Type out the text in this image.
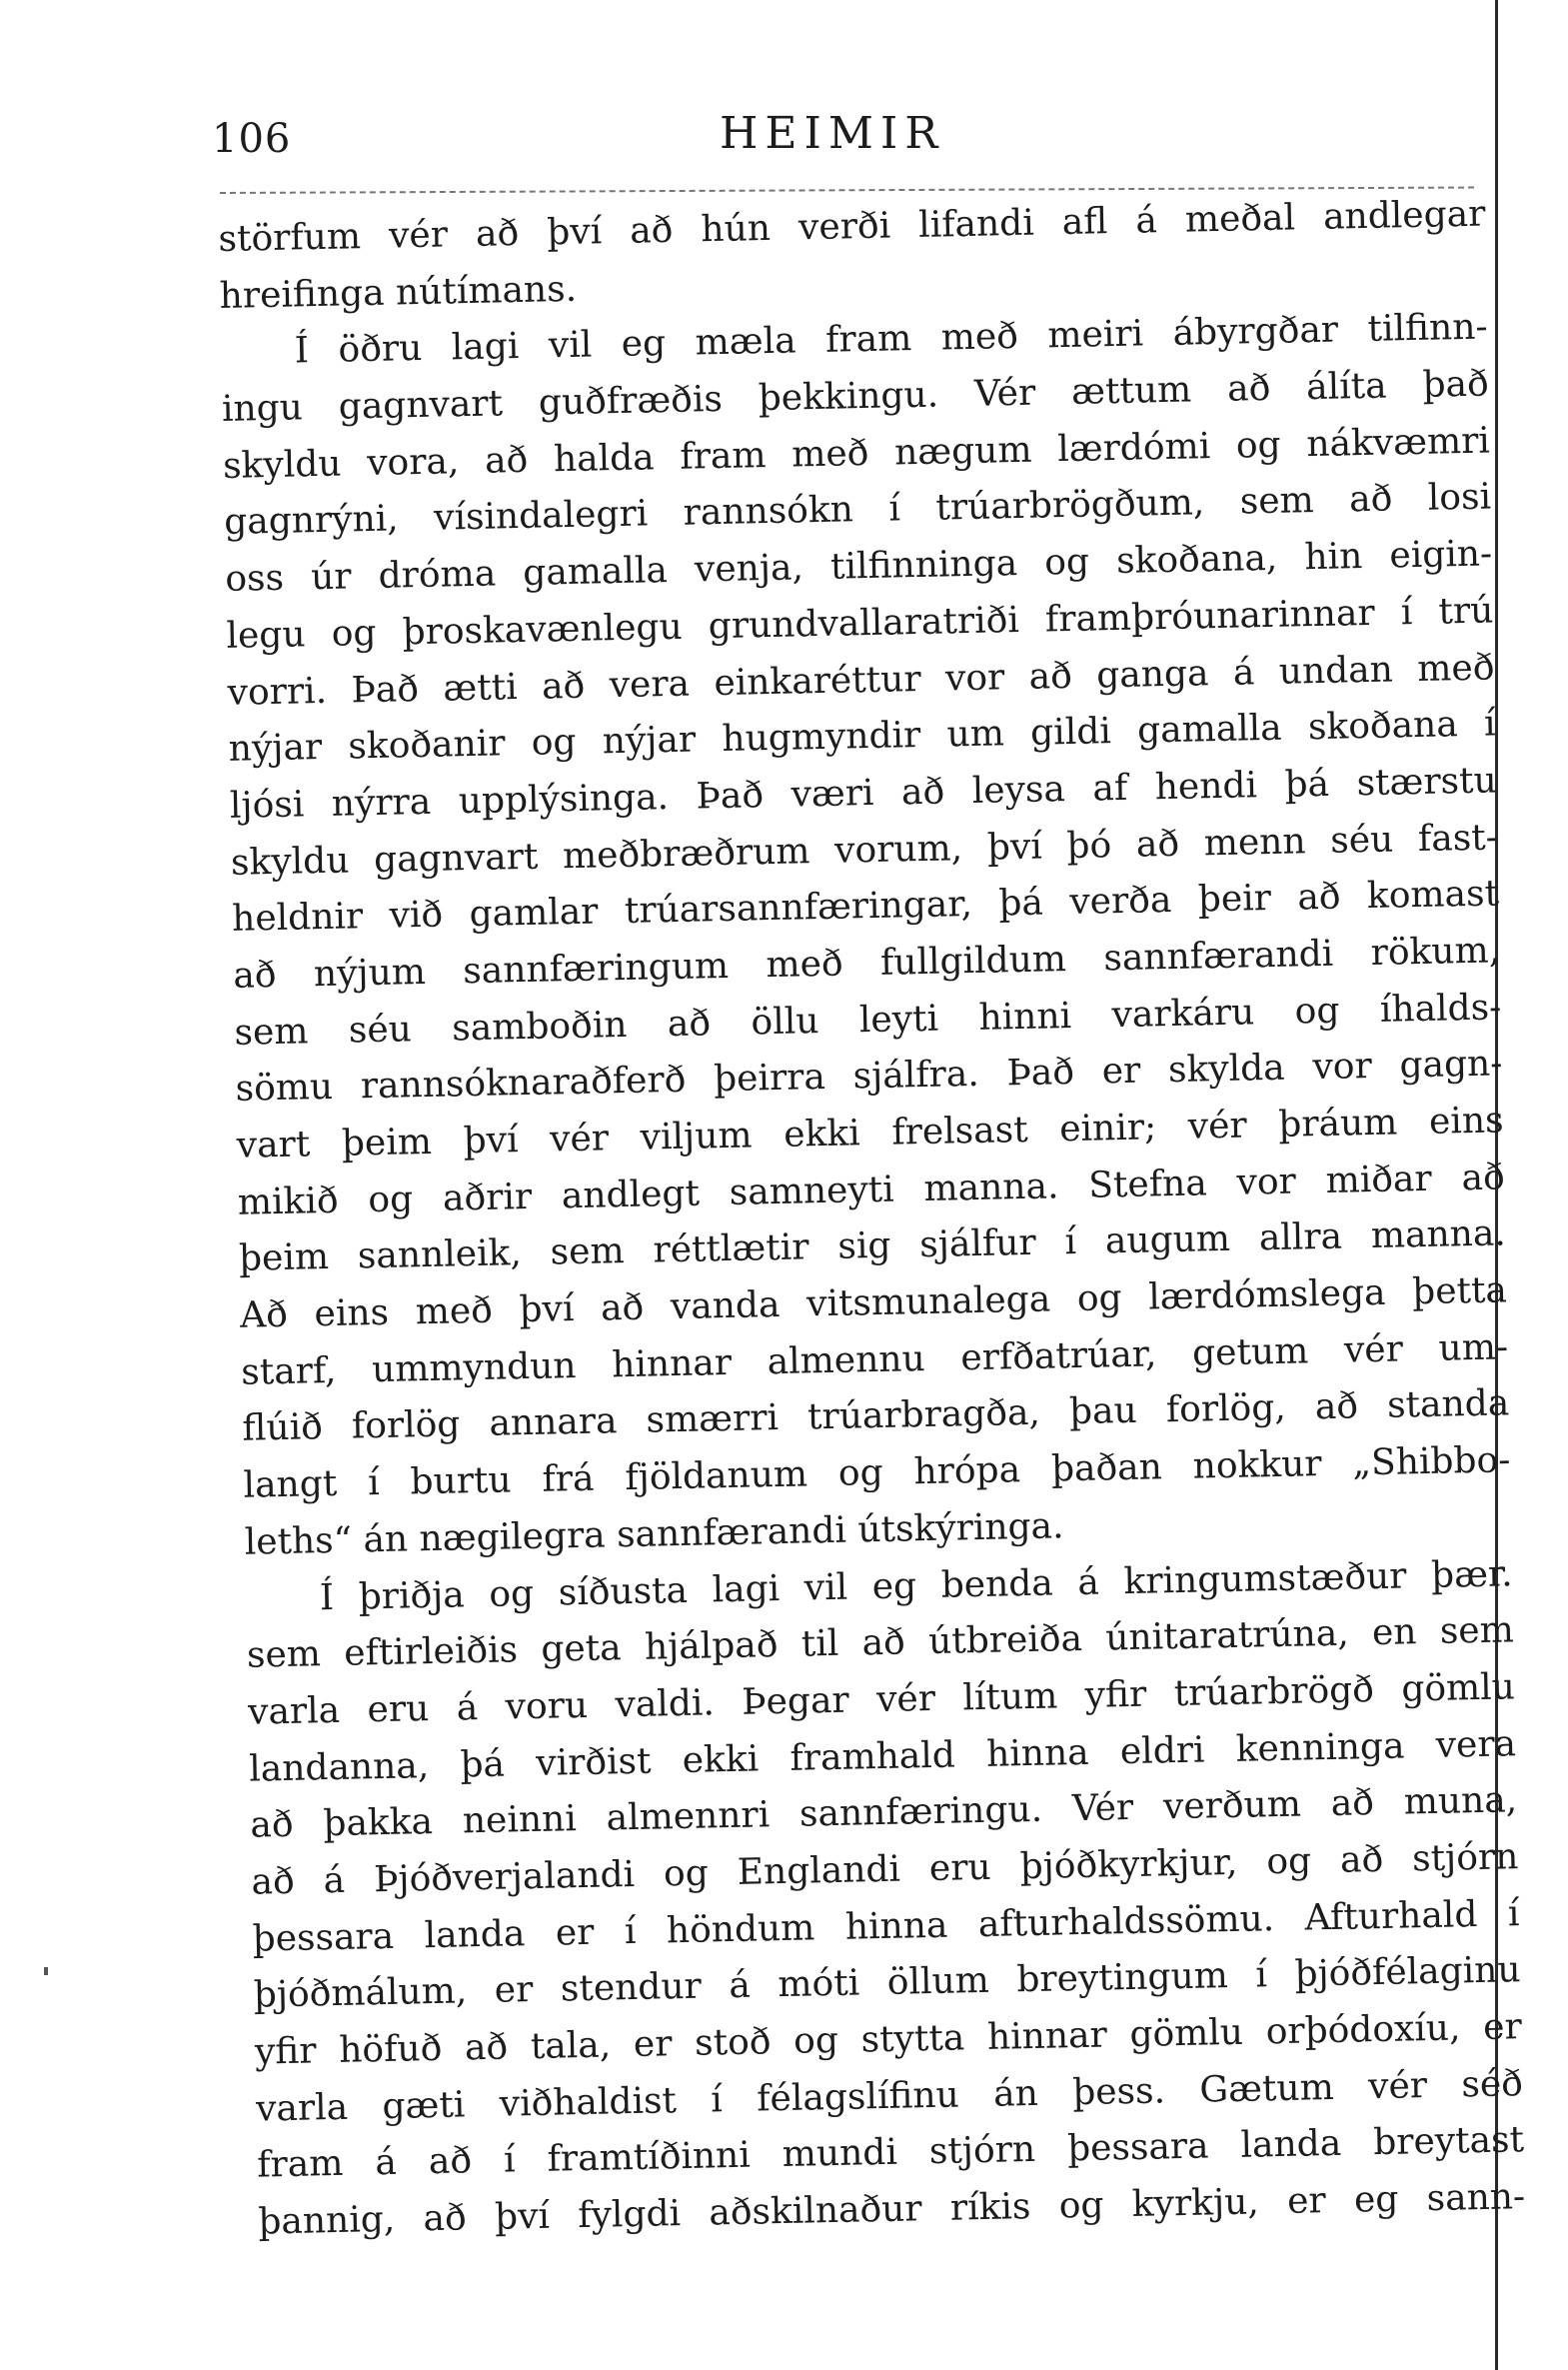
106	HEIMIR
störfum vér að því að hún verði lifandi afl á meðal andlegar
hreifinga nútímans.
Í öðru lagi vil eg mæla fram með meiri ábyrgðar tilfinn-
ingu gagnvart guðfræðis þekkingu. Vér ættum að álíta það
skyldu vora, að halda fram með nægum lærdómi og nákvæmri
gagnrýni, vísindalegri rannsókn í trúarbrögðum, sem að losi
oss úr dróma gamalla venja, tilfinninga og skoðana, hin eigin-
legu og þroskavænlegu grundvallaratriði framþróunarinnar í trú
vorri. Það ætti að vera einkaréttur vor að ganga á undan með
nýjar skoðanir og nýjar hugmyndir um gildi gamalla skoðana í
ljósi nýrra upplýsinga. Það væri að leysa af hendi þá stærstu
skyldu gagnvart meðbræðrum vorum, því þó að menn séu fast-
heldnir við gamlar trúarsannfæringar, þá verða þeir að komast
að nýjum sannfæringum með fullgildum sannfærandi rökum,
sem séu samboðin að öllu leyti hinni varkáru og íhalds-
sömu rannsóknaraðferð þeirra sjálfra. Það er skylda vor gagn-
vart þeim því vér viljum ekki frelsast einir; vér þráum eins
mikið og aðrir andlegt samneyti manna. Stefna vor miðar að
þeim sannleik, sem réttlætir sig sjálfur í augum allra manna.
Að eins með því að vanda vitsmunalega og lærdómslega þetta
starf, ummyndun hinnar almennu erfðatrúar, getum vér um-
flúið forlög annara smærri trúarbragða, þau forlög, að standa
langt í burtu frá fjöldanum og hrópa þaðan nokkur „Shibbo-
leths“ án nægilegra sannfærandi útskýringa.
Í þriðja og síðusta lagi vil eg benda á kringumstæður þær.
sem eftirleiðis geta hjálpað til að útbreiða únitaratrúna, en sem
varla eru á voru valdi. Þegar vér lítum yfir trúarbrögð gömlu
landanna, þá virðist ekki framhald hinna eldri kenninga vera
að þakka neinni almennri sannfæringu. Vér verðum að muna,
að á Þjóðverjalandi og Englandi eru þjóðkyrkjur, og að stjórn
þessara landa er í höndum hinna afturhaldssömu. Afturhald í
þjóðmálum, er stendur á móti öllum breytingum í þjóðfélaginu
yfir höfuð að tala, er stoð og stytta hinnar gömlu orþódoxíu, er
varla gæti viðhaldist í félagslífinu án þess. Gætum vér séð
fram á að í framtíðinni mundi stjórn þessara landa breytast
þannig, að því fylgdi aðskilnaður ríkis og kyrkju, er eg sann-
